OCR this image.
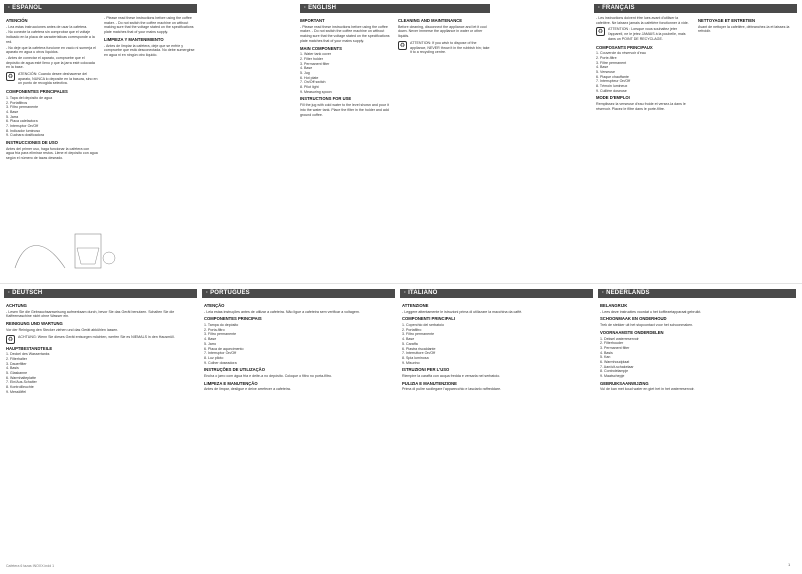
· ESPAÑOL	· ENGLISH	· FRANÇAIS
ATENCIÓN

- Lea estas instrucciones antes de usar la cafetera.

- No conecte la cafetera sin comprobar que el voltaje indicado en la placa de características corresponde a la red.

- No deje que la cafetera funcione en vacío ni sumerja el aparato en agua u otros líquidos.

- Antes de conectar el aparato, compruebe que el depósito de agua esté lleno y que la jarra esté colocada en la base.

♻	ATENCIÓN: Cuando desee deshacerse del aparato, NUNCA lo deposite en la basura, sino en un punto de recogida selectiva.

COMPONENTES PRINCIPALES
1. Tapa del depósito de agua
2. Portafiltros
3. Filtro permanente
4. Base
5. Jarra
6. Placa calefactora
7. Interruptor On/Off
8. Indicador luminoso
9. Cuchara dosificadora
INSTRUCCIONES DE USO

Antes del primer uso, haga funcionar la cafetera con agua fría para eliminar restos. Llene el depósito con agua según el número de tazas deseado.

- Please read these instructions before using the coffee maker. - Do not switch the coffee machine on without making sure that the voltage stated on the specifications plate matches that of your mains supply.

LIMPIEZA Y MANTENIMIENTO

- Antes de limpiar la cafetera, deje que se enfríe y compruebe que está desconectada. No debe sumergirse en agua ni en ningún otro líquido.

IMPORTANT

- Please read these instructions before using the coffee maker. - Do not switch the coffee machine on without making sure that the voltage stated on the specifications plate matches that of your mains supply.

MAIN COMPONENTS
1. Water tank cover
2. Filter holder
3. Permanent filter
4. Base
5. Jug
6. Hot plate
7. On/Off switch
8. Pilot light
9. Measuring spoon
INSTRUCTIONS FOR USE

Fill the jug with cold water to the level shown and pour it into the water tank. Place the filter in the holder and add ground coffee.

CLEANING AND MAINTENANCE

Before cleaning, disconnect the appliance and let it cool down. Never immerse the appliance in water or other liquids.

♻	ATTENTION: If you wish to dispose of the appliance, NEVER throw it in the rubbish bin; take it to a recycling centre.

- Les instructions doivent être lues avant d'utiliser la cafetière. Ne laissez jamais la cafetière fonctionner à vide.

♻	ATTENTION : Lorsque vous souhaitez jeter l'appareil, ne le jetez JAMAIS à la poubelle, mais dans un POINT DE RECYCLAGE.

COMPOSANTS PRINCIPAUX
1. Couvercle du réservoir d'eau
2. Porte-filtre
3. Filtre permanent
4. Base
5. Verseuse
6. Plaque chauffante
7. Interrupteur On/Off
8. Témoin lumineux
9. Cuillère doseuse
MODE D'EMPLOI

Remplissez la verseuse d'eau froide et versez-la dans le réservoir. Placez le filtre dans le porte-filtre.

NETTOYAGE ET ENTRETIEN

Avant de nettoyer la cafetière, débranchez-la et laissez-la refroidir.

· DEUTSCH	· PORTUGUÊS	· ITALIANO	· NEDERLANDS
ACHTUNG

- Lesen Sie die Gebrauchsanweisung aufmerksam durch, bevor Sie das Gerät benutzen. Schalten Sie die Kaffeemaschine nicht ohne Wasser ein.

REINIGUNG UND WARTUNG

Vor der Reinigung den Stecker ziehen und das Gerät abkühlen lassen.

♻	ACHTUNG: Wenn Sie dieses Gerät entsorgen möchten, werfen Sie es NIEMALS in den Hausmüll.

HAUPTBESTANDTEILE
1. Deckel des Wassertanks
2. Filterhalter
3. Dauerfilter
4. Basis
5. Glaskanne
6. Warmhalteplatte
7. Ein/Aus-Schalter
8. Kontrollleuchte
9. Messlöffel
ATENÇÃO

- Leia estas instruções antes de utilizar a cafeteira. Não ligue a cafeteira sem verificar a voltagem.

COMPONENTES PRINCIPAIS
1. Tampa do depósito
2. Porta-filtro
3. Filtro permanente
4. Base
5. Jarro
6. Placa de aquecimento
7. Interruptor On/Off
8. Luz piloto
9. Colher doseadora
INSTRUÇÕES DE UTILIZAÇÃO

Encha o jarro com água fria e deite-a no depósito. Coloque o filtro no porta-filtro.

LIMPEZA E MANUTENÇÃO

Antes de limpar, desligue e deixe arrefecer a cafeteira.

ATTENZIONE

- Leggere attentamente le istruzioni prima di utilizzare la macchina da caffè.

COMPONENTI PRINCIPALI
1. Coperchio del serbatoio
2. Portafiltro
3. Filtro permanente
4. Base
5. Caraffa
6. Piastra riscaldante
7. Interruttore On/Off
8. Spia luminosa
9. Misurino
ISTRUZIONI PER L'USO

Riempire la caraffa con acqua fredda e versarla nel serbatoio.

PULIZIA E MANUTENZIONE

Prima di pulire scollegare l'apparecchio e lasciarlo raffreddare.

BELANGRIJK

- Lees deze instructies voordat u het koffiezetapparaat gebruikt.

SCHOONMAAK EN ONDERHOUD

Trek de stekker uit het stopcontact voor het schoonmaken.

VOORNAAMSTE ONDERDELEN
1. Deksel waterreservoir
2. Filterhouder
3. Permanent filter
4. Basis
5. Kan
6. Warmhoudplaat
7. Aan/uit-schakelaar
8. Controlelampje
9. Maatschepje
GEBRUIKSAANWIJZING

Vul de kan met koud water en giet het in het waterreservoir.

Cafetera 6 tazas INOXX.indd 1	1
